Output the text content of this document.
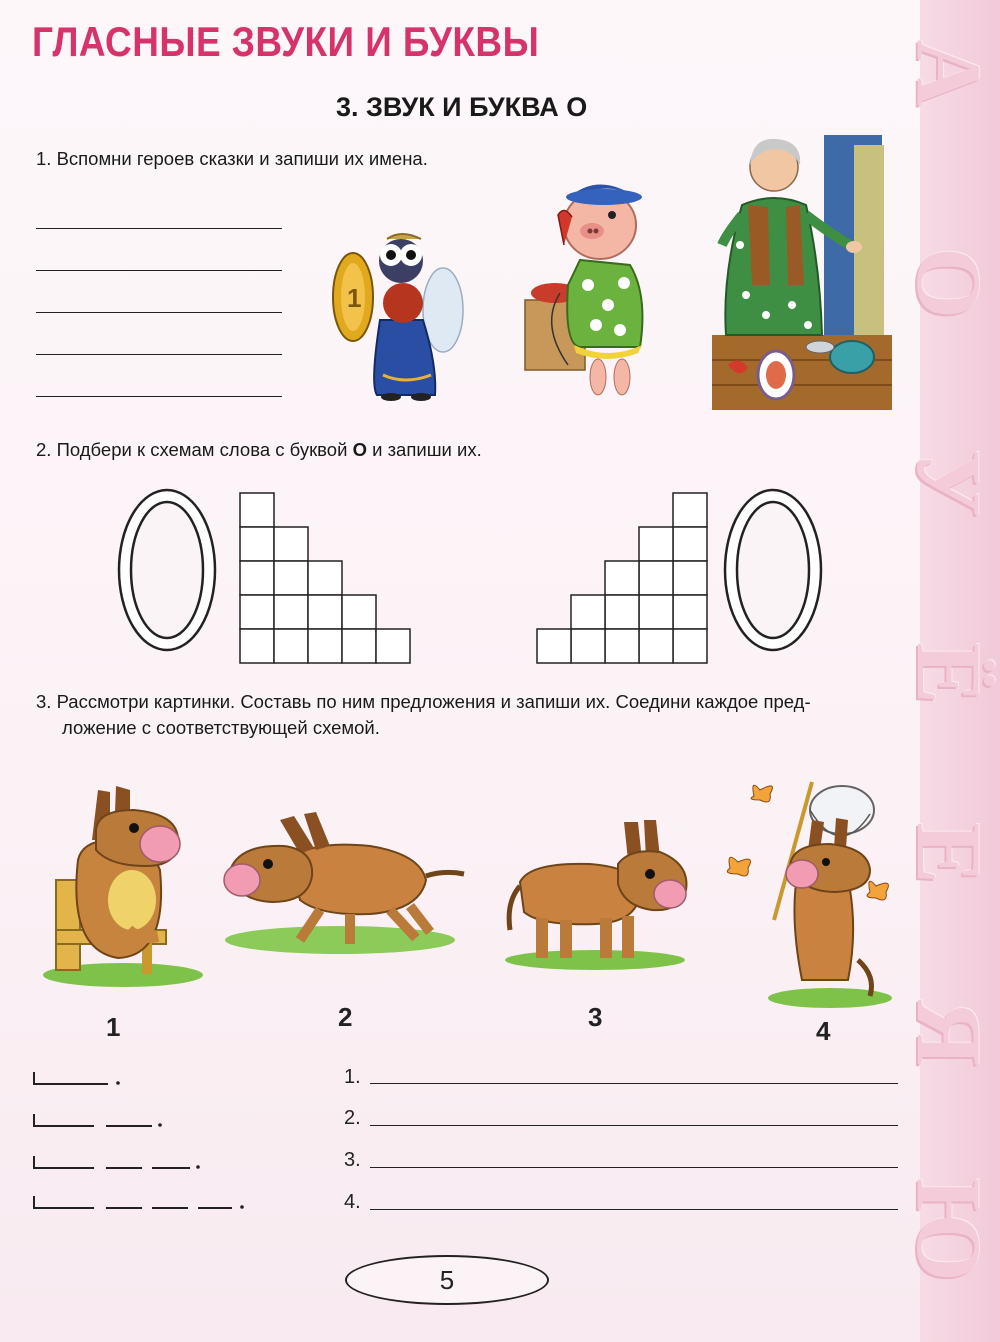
А
О
У
Ё
Е
Я
Ю
ГЛАСНЫЕ ЗВУКИ И БУКВЫ
3. ЗВУК И БУКВА О
1. Вспомни героев сказки и запиши их имена.
1
2. Подбери к схемам слова с буквой О и запиши их.
3. Рассмотри картинки. Составь по ним предложения и запиши их. Соедини каждое пред-
ложение с соответствующей схемой.
1	2	3	4
1.
2.
3.
4.
5
